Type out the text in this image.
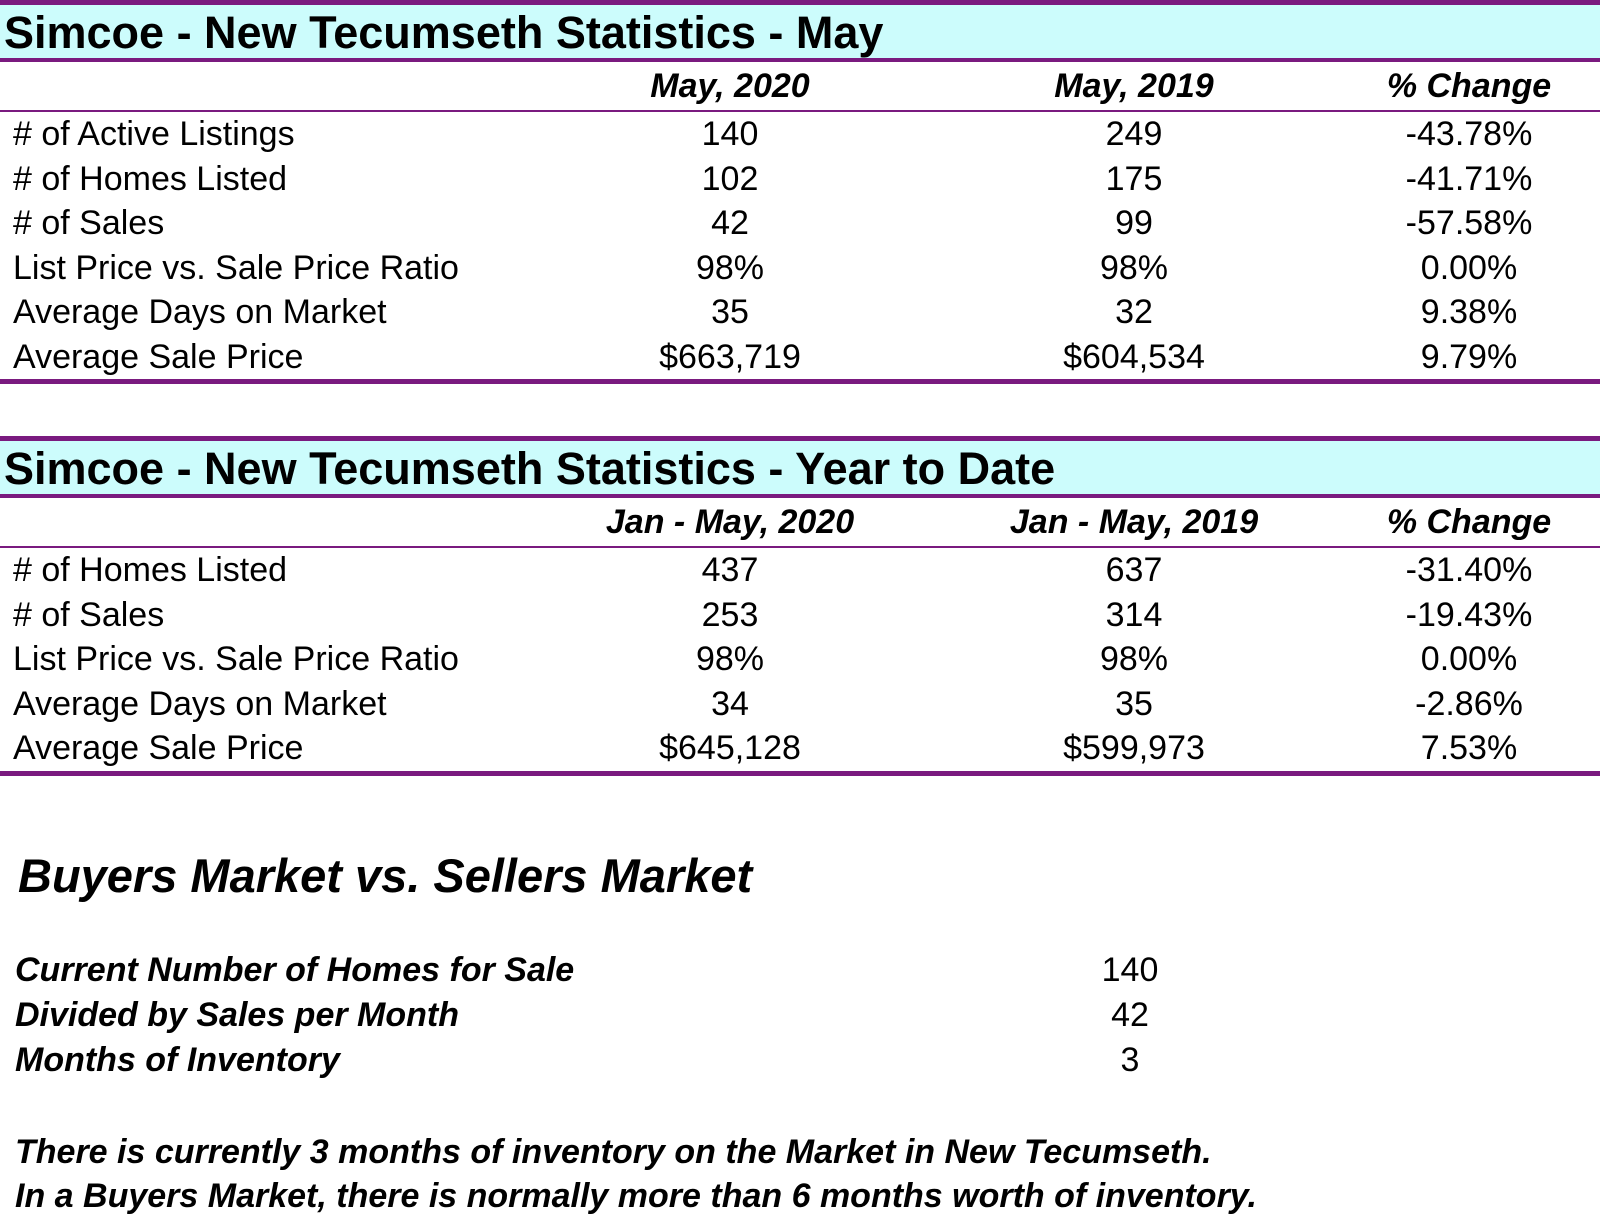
Simcoe - New Tecumseth Statistics - May
	May, 2020	May, 2019	% Change
# of Active Listings	140	249	-43.78%
# of Homes Listed	102	175	-41.71%
# of Sales	42	99	-57.58%
List Price vs. Sale Price Ratio	98%	98%	0.00%
Average Days on Market	35	32	9.38%
Average Sale Price	$663,719	$604,534	9.79%
Simcoe - New Tecumseth Statistics - Year to Date
	Jan - May, 2020	Jan - May, 2019	% Change
# of Homes Listed	437	637	-31.40%
# of Sales	253	314	-19.43%
List Price vs. Sale Price Ratio	98%	98%	0.00%
Average Days on Market	34	35	-2.86%
Average Sale Price	$645,128	$599,973	7.53%
Buyers Market vs. Sellers Market
Current Number of Homes for Sale	140
Divided by Sales per Month	42
Months of Inventory	3
There is currently 3 months of inventory on the Market in New Tecumseth.
In a Buyers Market, there is normally more than 6 months worth of inventory.
